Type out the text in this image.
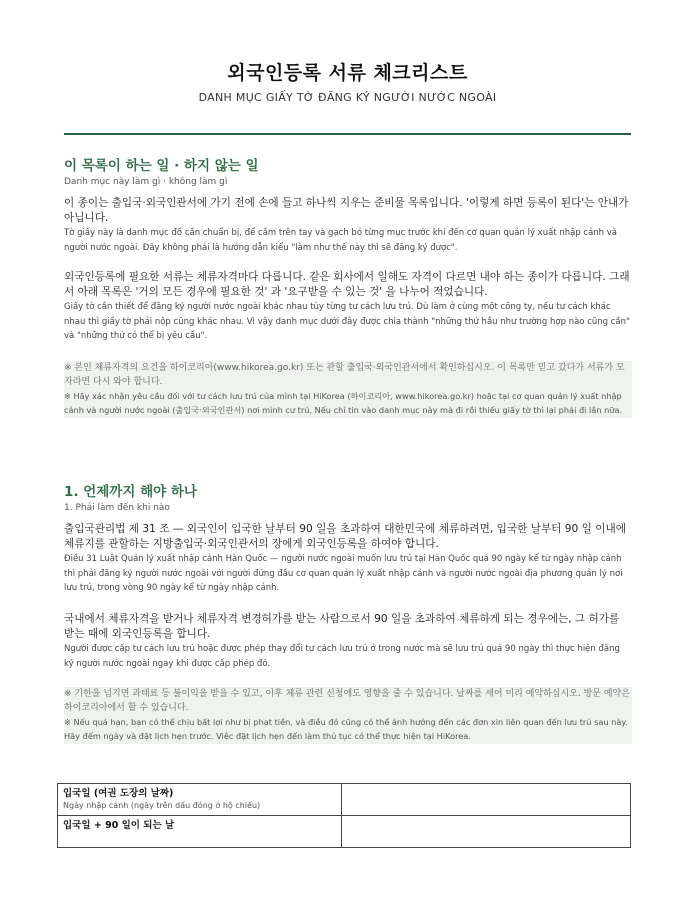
외국인등록 서류 체크리스트
DANH MỤC GIẤY TỜ ĐĂNG KÝ NGƯỜI NƯỚC NGOÀI
이 목록이 하는 일 · 하지 않는 일
Danh mục này làm gì · không làm gì
이 종이는 출입국·외국인관서에 가기 전에 손에 들고 하나씩 지우는 준비물 목록입니다. '이렇게 하면 등록이 된다'는 안내가 아닙니다.
Tờ giấy này là danh mục đồ cần chuẩn bị, để cầm trên tay và gạch bỏ từng mục trước khi đến cơ quan quản lý xuất nhập cảnh và người nước ngoài. Đây không phải là hướng dẫn kiểu "làm như thế này thì sẽ đăng ký được".
외국인등록에 필요한 서류는 체류자격마다 다릅니다. 같은 회사에서 일해도 자격이 다르면 내야 하는 종이가 다릅니다. 그래서 아래 목록은 '거의 모든 경우에 필요한 것' 과 '요구받을 수 있는 것' 을 나누어 적었습니다.
Giấy tờ cần thiết để đăng ký người nước ngoài khác nhau tùy từng tư cách lưu trú. Dù làm ở cùng một công ty, nếu tư cách khác nhau thì giấy tờ phải nộp cũng khác nhau. Vì vậy danh mục dưới đây được chia thành "những thứ hầu như trường hợp nào cũng cần" và "những thứ có thể bị yêu cầu".
※ 본인 체류자격의 요건을 하이코리아(www.hikorea.go.kr) 또는 관할 출입국·외국인관서에서 확인하십시오. 이 목록만 믿고 갔다가 서류가 모자라면 다시 와야 합니다.
※ Hãy xác nhận yêu cầu đối với tư cách lưu trú của mình tại HiKorea (하이코리아, www.hikorea.go.kr) hoặc tại cơ quan quản lý xuất nhập cảnh và người nước ngoài (출입국·외국인관서) nơi mình cư trú. Nếu chỉ tin vào danh mục này mà đi rồi thiếu giấy tờ thì lại phải đi lần nữa.
1. 언제까지 해야 하나
1. Phải làm đến khi nào
출입국관리법 제 31 조 — 외국인이 입국한 날부터 90 일을 초과하여 대한민국에 체류하려면, 입국한 날부터 90 일 이내에 체류지를 관할하는 지방출입국·외국인관서의 장에게 외국인등록을 하여야 합니다.
Điều 31 Luật Quản lý xuất nhập cảnh Hàn Quốc — người nước ngoài muốn lưu trú tại Hàn Quốc quá 90 ngày kể từ ngày nhập cảnh thì phải đăng ký người nước ngoài với người đứng đầu cơ quan quản lý xuất nhập cảnh và người nước ngoài địa phương quản lý nơi lưu trú, trong vòng 90 ngày kể từ ngày nhập cảnh.
국내에서 체류자격을 받거나 체류자격 변경허가를 받는 사람으로서 90 일을 초과하여 체류하게 되는 경우에는, 그 허가를 받는 때에 외국인등록을 합니다.
Người được cấp tư cách lưu trú hoặc được phép thay đổi tư cách lưu trú ở trong nước mà sẽ lưu trú quá 90 ngày thì thực hiện đăng ký người nước ngoài ngay khi được cấp phép đó.
※ 기한을 넘기면 과태료 등 불이익을 받을 수 있고, 이후 체류 관련 신청에도 영향을 줄 수 있습니다. 날짜를 세어 미리 예약하십시오. 방문 예약은 하이코리아에서 할 수 있습니다.
※ Nếu quá hạn, bạn có thể chịu bất lợi như bị phạt tiền, và điều đó cũng có thể ảnh hưởng đến các đơn xin liên quan đến lưu trú sau này. Hãy đếm ngày và đặt lịch hẹn trước. Việc đặt lịch hẹn đến làm thủ tục có thể thực hiện tại HiKorea.
입국일 (여권 도장의 날짜)
Ngày nhập cảnh (ngày trên dấu đóng ở hộ chiếu)	

입국일 + 90 일이 되는 날	
